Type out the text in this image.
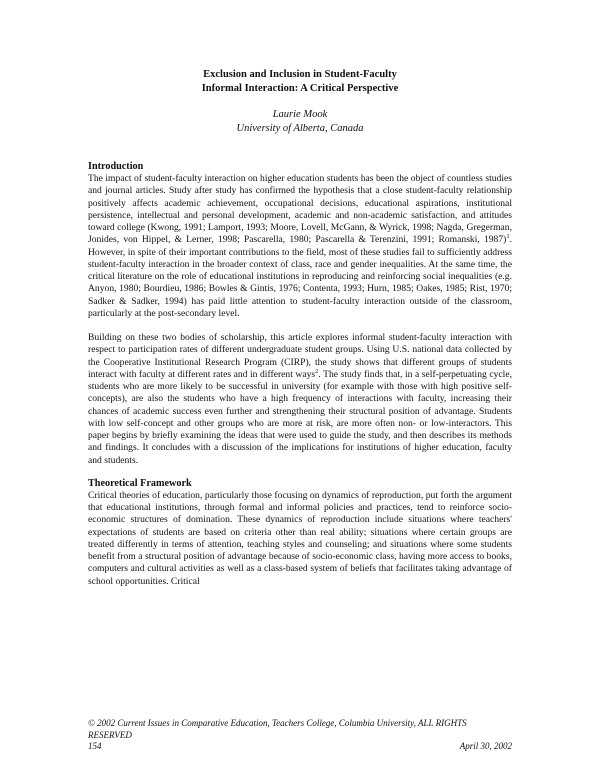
Exclusion and Inclusion in Student-Faculty
Informal Interaction: A Critical Perspective
Laurie Mook
University of Alberta, Canada
Introduction

The impact of student-faculty interaction on higher education students has been the object of countless studies and journal articles. Study after study has confirmed the hypothesis that a close student-faculty relationship positively affects academic achievement, occupational decisions, educational aspirations, institutional persistence, intellectual and personal development, academic and non-academic satisfaction, and attitudes toward college (Kwong, 1991; Lamport, 1993; Moore, Lovell, McGann, & Wyrick, 1998; Nagda, Gregerman, Jonides, von Hippel, & Lerner, 1998; Pascarella, 1980; Pascarella & Terenzini, 1991; Romanski, 1987)$^1$. However, in spite of their important contributions to the field, most of these studies fail to sufficiently address student-faculty interaction in the broader context of class, race and gender inequalities. At the same time, the critical literature on the role of educational institutions in reproducing and reinforcing social inequalities (e.g. Anyon, 1980; Bourdieu, 1986; Bowles & Gintis, 1976; Contenta, 1993; Hurn, 1985; Oakes, 1985; Rist, 1970; Sadker & Sadker, 1994) has paid little attention to student-faculty interaction outside of the classroom, particularly at the post-secondary level.

Building on these two bodies of scholarship, this article explores informal student-faculty interaction with respect to participation rates of different undergraduate student groups. Using U.S. national data collected by the Cooperative Institutional Research Program (CIRP), the study shows that different groups of students interact with faculty at different rates and in different ways$^2$. The study finds that, in a self-perpetuating cycle, students who are more likely to be successful in university (for example with those with high positive self-concepts), are also the students who have a high frequency of interactions with faculty, increasing their chances of academic success even further and strengthening their structural position of advantage. Students with low self-concept and other groups who are more at risk, are more often non- or low-interactors. This paper begins by briefly examining the ideas that were used to guide the study, and then describes its methods and findings. It concludes with a discussion of the implications for institutions of higher education, faculty and students.

Theoretical Framework

Critical theories of education, particularly those focusing on dynamics of reproduction, put forth the argument that educational institutions, through formal and informal policies and practices, tend to reinforce socio-economic structures of domination. These dynamics of reproduction include situations where teachers' expectations of students are based on criteria other than real ability; situations where certain groups are treated differently in terms of attention, teaching styles and counseling; and situations where some students benefit from a structural position of advantage because of socio-economic class, having more access to books, computers and cultural activities as well as a class-based system of beliefs that facilitates taking advantage of school opportunities. Critical

© 2002 Current Issues in Comparative Education, Teachers College, Columbia University, ALL RIGHTS RESERVED
154	April 30, 2002
